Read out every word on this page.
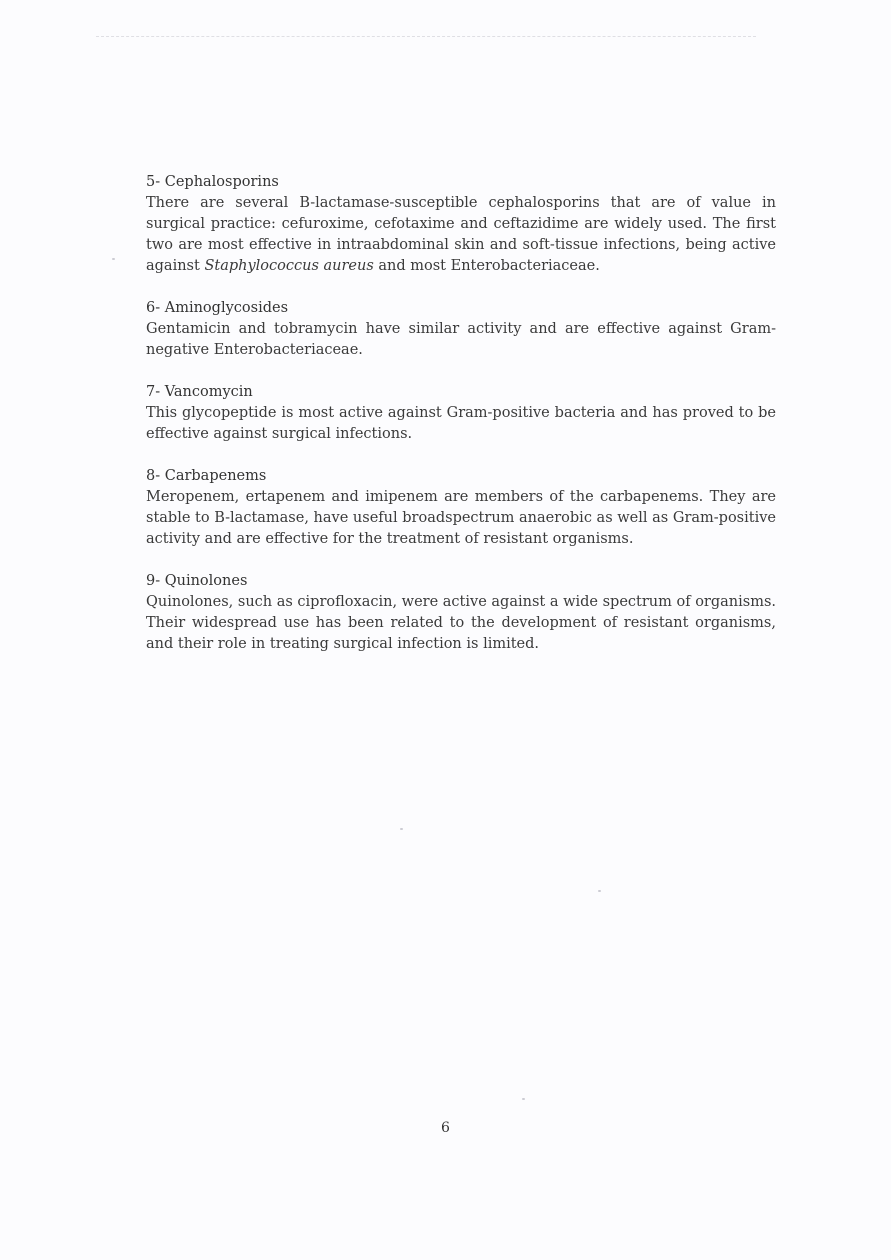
5- Cephalosporins

There are several B-lactamase-susceptible cephalosporins that are of value in surgical practice: cefuroxime, cefotaxime and ceftazidime are widely used. The first two are most effective in intraabdominal skin and soft-tissue infections, being active against Staphylococcus aureus and most Enterobacteriaceae.

6- Aminoglycosides

Gentamicin and tobramycin have similar activity and are effective against Gram-negative Enterobacteriaceae.

7- Vancomycin

This glycopeptide is most active against Gram-positive bacteria and has proved to be effective against surgical infections.

8- Carbapenems

Meropenem, ertapenem and imipenem are members of the carbapenems. They are stable to B-lactamase, have useful broadspectrum anaerobic as well as Gram-positive activity and are effective for the treatment of resistant organisms.

9- Quinolones

Quinolones, such as ciprofloxacin, were active against a wide spectrum of organisms. Their widespread use has been related to the development of resistant organisms, and their role in treating surgical infection is limited.

6
